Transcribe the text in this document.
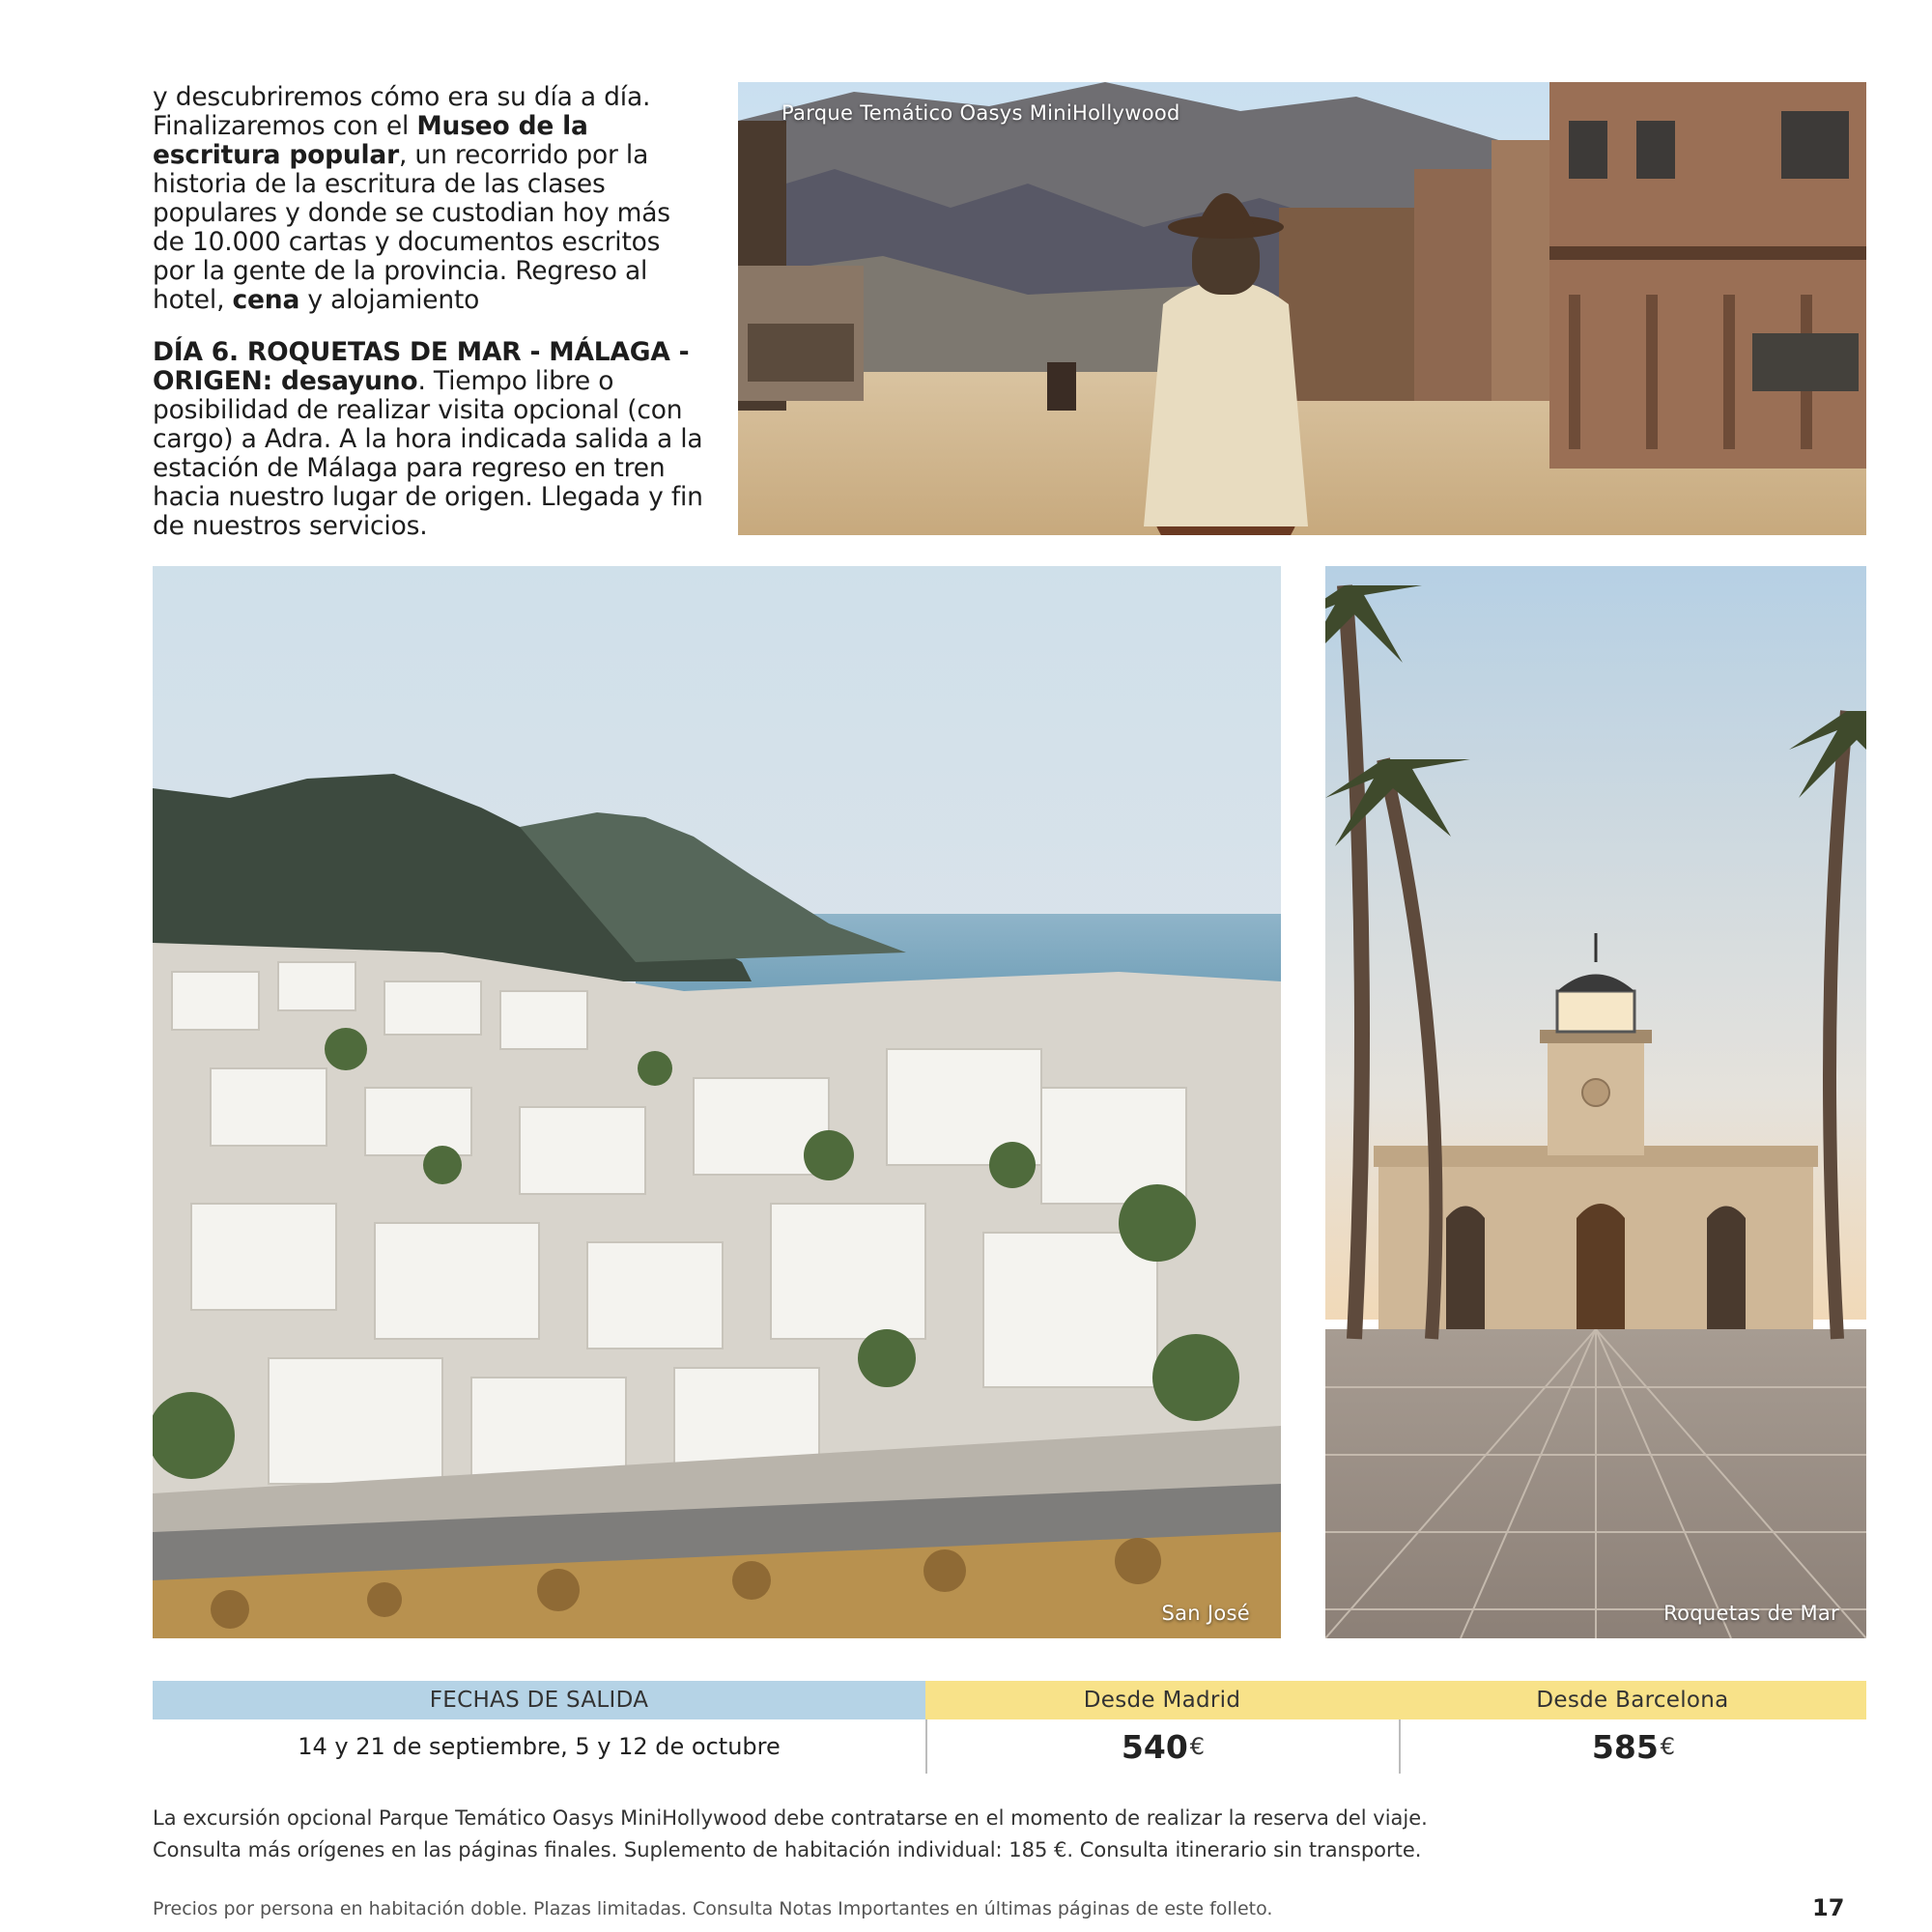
y descubriremos cómo era su día a día. Finalizaremos con el Museo de la escritura popular, un recorrido por la historia de la escritura de las clases populares y donde se custodian hoy más de 10.000 cartas y documentos escritos por la gente de la provincia. Regreso al hotel, cena y alojamiento

DÍA 6. ROQUETAS DE MAR - MÁLAGA - ORIGEN: desayuno. Tiempo libre o posibilidad de realizar visita opcional (con cargo) a Adra. A la hora indicada salida a la estación de Málaga para regreso en tren hacia nuestro lugar de origen. Llegada y fin de nuestros servicios.

Parque Temático Oasys MiniHollywood
San José	Roquetas de Mar
FECHAS DE SALIDA	Desde Madrid	Desde Barcelona
14 y 21 de septiembre, 5 y 12 de octubre	540 €	585 €
La excursión opcional Parque Temático Oasys MiniHollywood debe contratarse en el momento de realizar la reserva del viaje.
Consulta más orígenes en las páginas finales. Suplemento de habitación individual: 185 €. Consulta itinerario sin transporte.
Precios por persona en habitación doble. Plazas limitadas. Consulta Notas Importantes en últimas páginas de este folleto.	17
